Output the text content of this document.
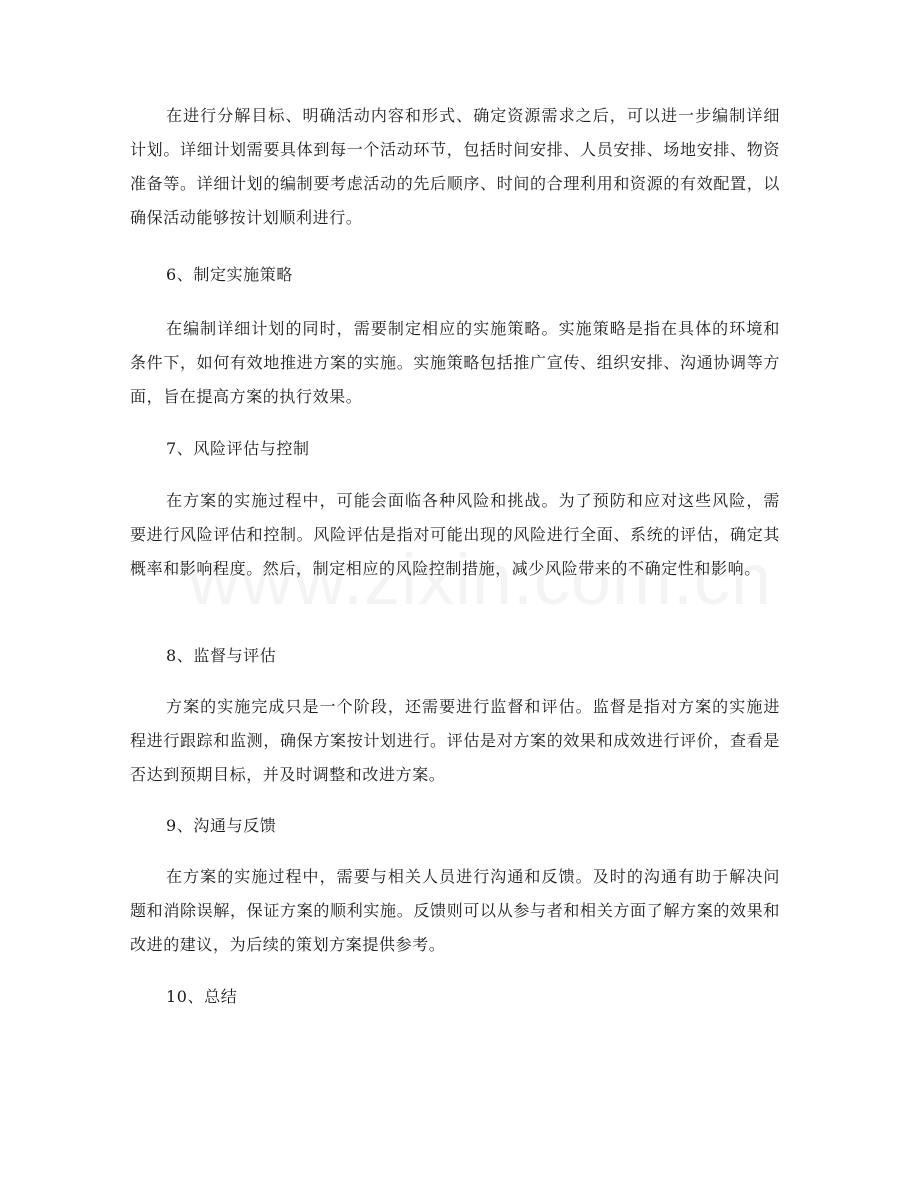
在进行分解目标、明确活动内容和形式、确定资源需求之后，可以进一步编制详细计划。详细计划需要具体到每一个活动环节，包括时间安排、人员安排、场地安排、物资准备等。详细计划的编制要考虑活动的先后顺序、时间的合理利用和资源的有效配置，以确保活动能够按计划顺利进行。

6、制定实施策略

在编制详细计划的同时，需要制定相应的实施策略。实施策略是指在具体的环境和条件下，如何有效地推进方案的实施。实施策略包括推广宣传、组织安排、沟通协调等方面，旨在提高方案的执行效果。

7、风险评估与控制

在方案的实施过程中，可能会面临各种风险和挑战。为了预防和应对这些风险，需要进行风险评估和控制。风险评估是指对可能出现的风险进行全面、系统的评估，确定其概率和影响程度。然后，制定相应的风险控制措施，减少风险带来的不确定性和影响。

8、监督与评估

方案的实施完成只是一个阶段，还需要进行监督和评估。监督是指对方案的实施进程进行跟踪和监测，确保方案按计划进行。评估是对方案的效果和成效进行评价，查看是否达到预期目标，并及时调整和改进方案。

9、沟通与反馈

在方案的实施过程中，需要与相关人员进行沟通和反馈。及时的沟通有助于解决问题和消除误解，保证方案的顺利实施。反馈则可以从参与者和相关方面了解方案的效果和改进的建议，为后续的策划方案提供参考。

10、总结
